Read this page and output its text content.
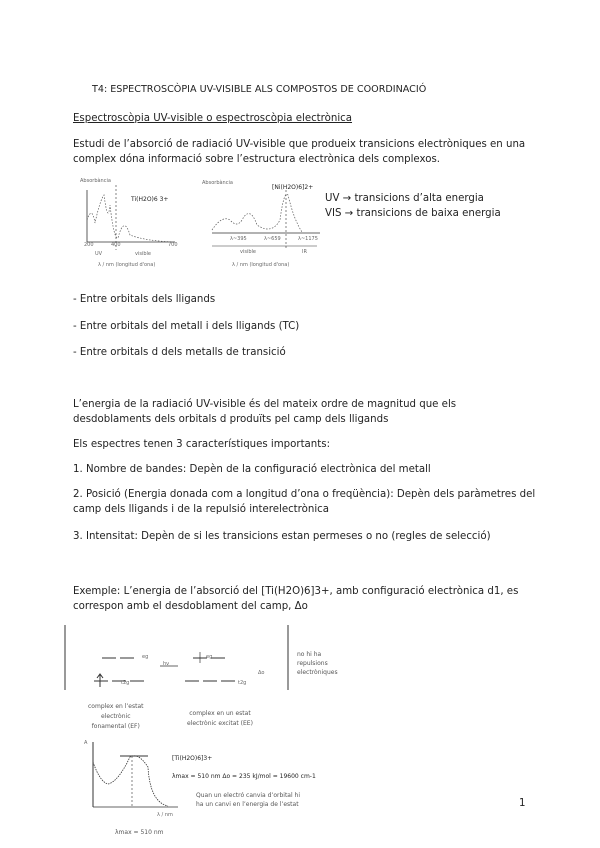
T4: ESPECTROSCÒPIA UV-VISIBLE ALS COMPOSTOS DE COORDINACIÓ
Espectroscòpia UV-visible o espectroscòpia electrònica
Estudi de l’absorció de radiació UV-visible que produeix transicions electròniques en una
complex dóna informació sobre l’estructura electrònica dels complexos.
Absorbància
Ti(H2O)6 3+
200	400	700
UV	visible
λ / nm (longitud d'ona)
Absorbància
[Ni(H2O)6]2+
λ~395	λ~659	λ~1175
visible	IR
λ / nm (longitud d'ona)
UV → transicions d’alta energia
VIS → transicions de baixa energia
- Entre orbitals dels lligands
- Entre orbitals del metall i dels lligands (TC)
- Entre orbitals d dels metalls de transició
L’energia de la radiació UV-visible és del mateix ordre de magnitud que els
desdoblaments dels orbitals d produïts pel camp dels lligands
Els espectres tenen 3 característiques importants:
1. Nombre de bandes: Depèn de la configuració electrònica del metall
2. Posició (Energia donada com a longitud d’ona o freqüència): Depèn dels paràmetres del
camp dels lligands i de la repulsió interelectrònica
3. Intensitat: Depèn de si les transicions estan permeses o no (regles de selecció)
Exemple: L’energia de l’absorció del [Ti(H2O)6]3+, amb configuració electrònica d1, es
correspon amb el desdoblament del camp, Δo
eg
t2g
eg
t2g
hν
Δo
no hi ha
repulsions
electròniques
complex en l’estat
electrònic
fonamental (EF)
complex en un estat
electrònic excitat (EE)
A
λ / nm
λmax = 510 nm
[Ti(H2O)6]3+
λmax = 510 nm Δo = 235 kJ/mol = 19600 cm-1
Quan un electró canvia d’orbital hi
ha un canvi en l’energia de l’estat	1
